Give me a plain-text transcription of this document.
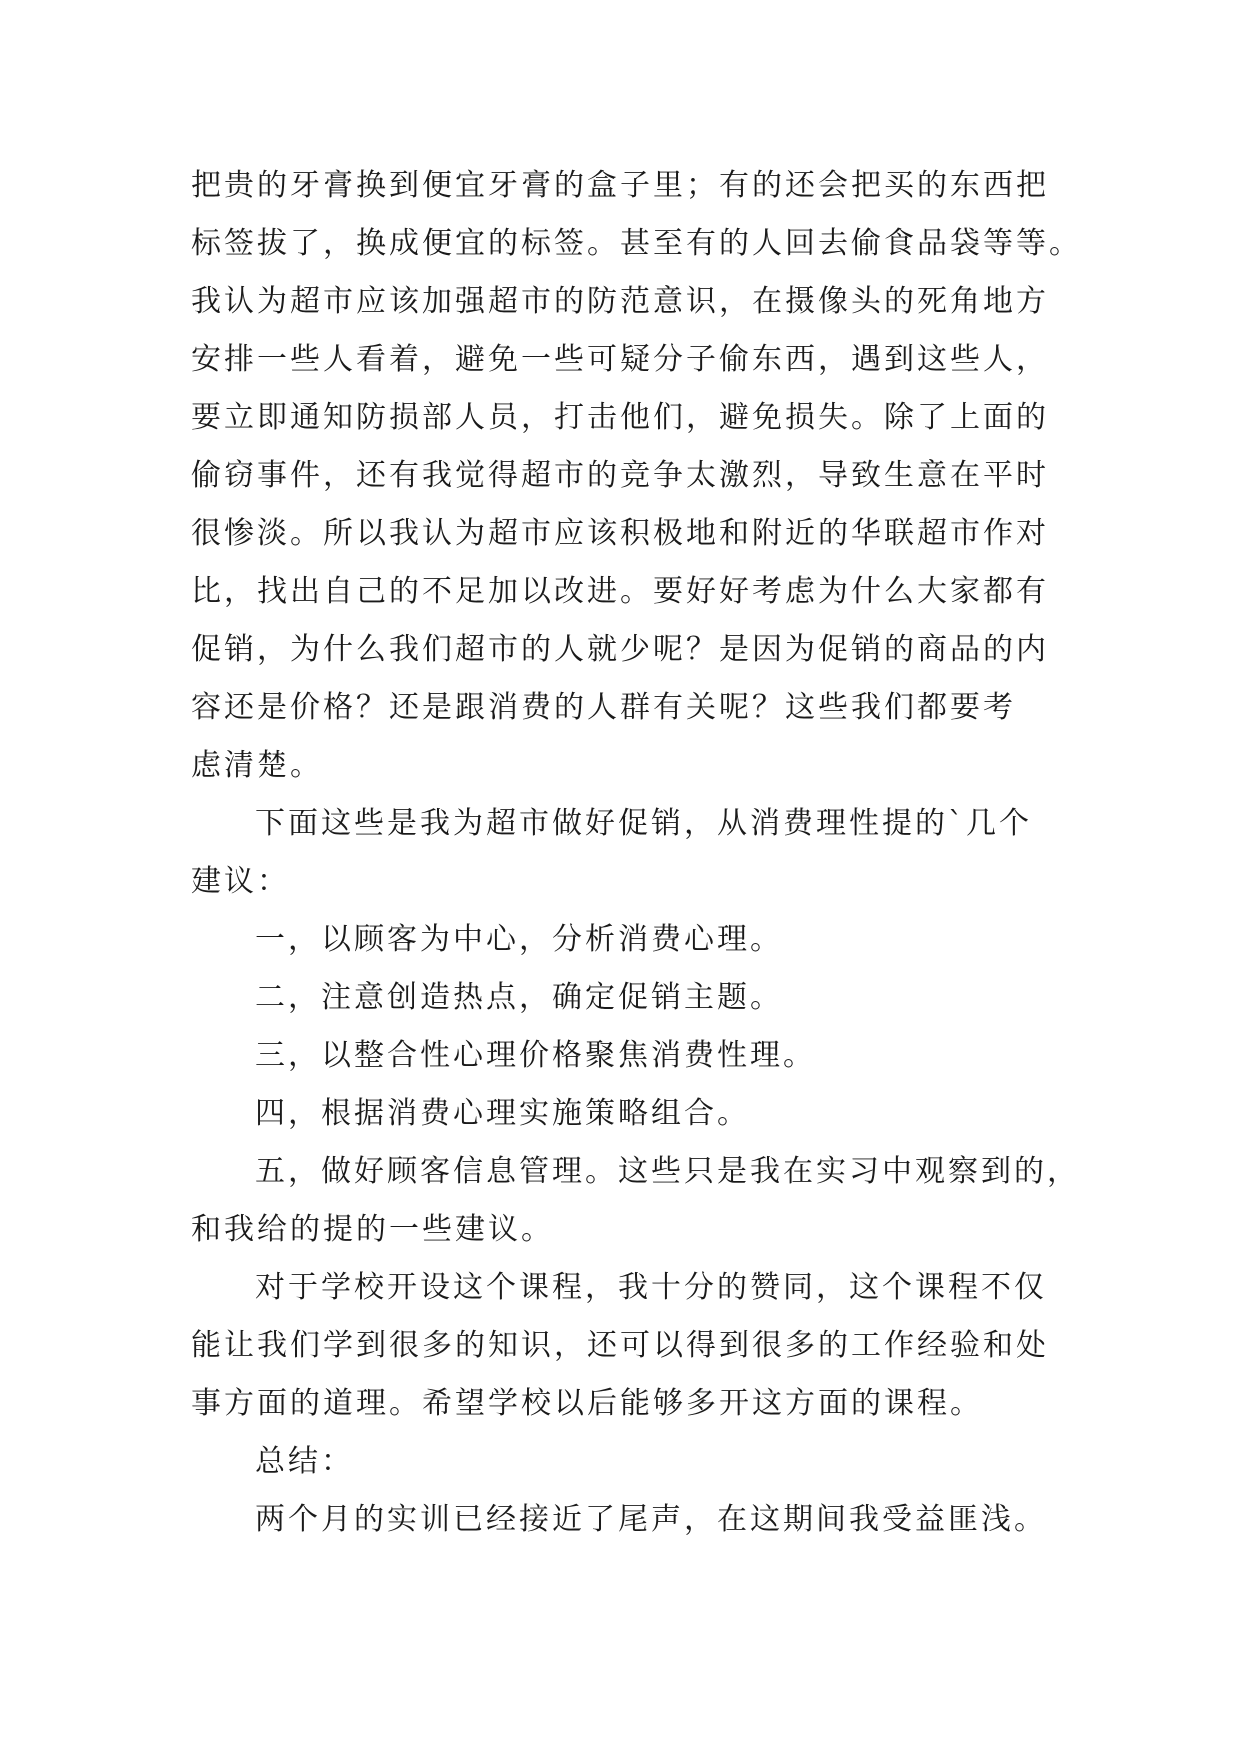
把贵的牙膏换到便宜牙膏的盒子里；有的还会把买的东西把
标签拔了，换成便宜的标签。甚至有的人回去偷食品袋等等。
我认为超市应该加强超市的防范意识，在摄像头的死角地方
安排一些人看着，避免一些可疑分子偷东西，遇到这些人，
要立即通知防损部人员，打击他们，避免损失。除了上面的
偷窃事件，还有我觉得超市的竞争太激烈，导致生意在平时
很惨淡。所以我认为超市应该积极地和附近的华联超市作对
比，找出自己的不足加以改进。要好好考虑为什么大家都有
促销，为什么我们超市的人就少呢？是因为促销的商品的内
容还是价格？还是跟消费的人群有关呢？这些我们都要考
虑清楚。
下面这些是我为超市做好促销，从消费理性提的`几个
建议：
一，以顾客为中心，分析消费心理。
二，注意创造热点，确定促销主题。
三，以整合性心理价格聚焦消费性理。
四，根据消费心理实施策略组合。
五，做好顾客信息管理。这些只是我在实习中观察到的，
和我给的提的一些建议。
对于学校开设这个课程，我十分的赞同，这个课程不仅
能让我们学到很多的知识，还可以得到很多的工作经验和处
事方面的道理。希望学校以后能够多开这方面的课程。
总结：
两个月的实训已经接近了尾声，在这期间我受益匪浅。
